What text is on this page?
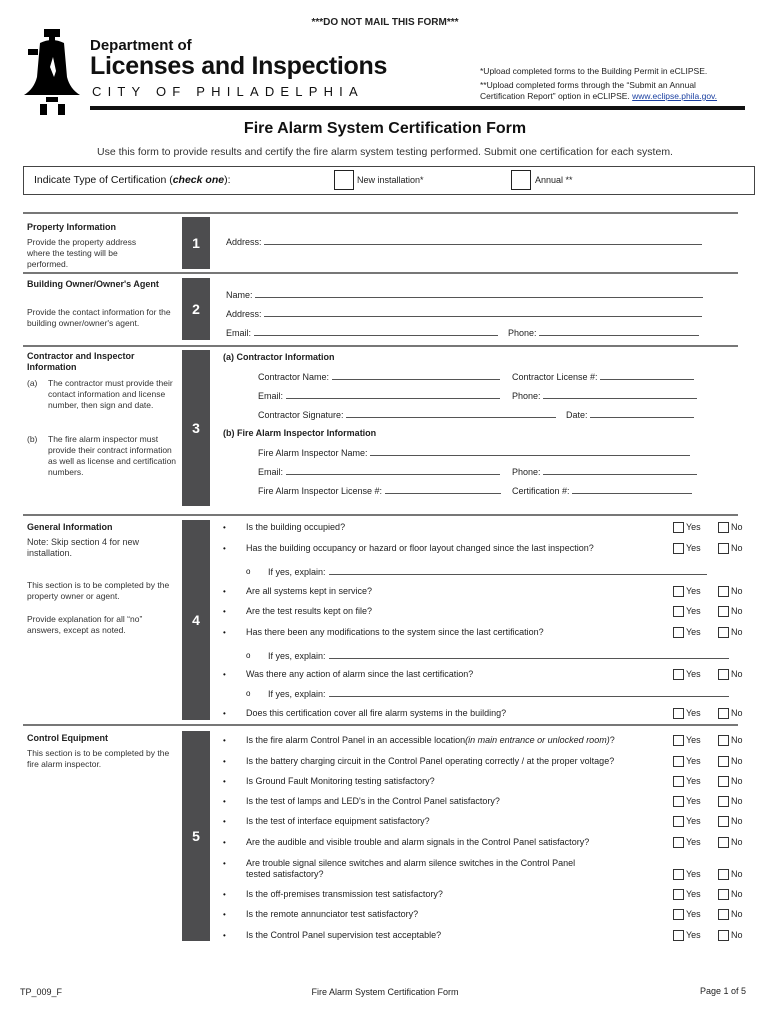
***DO NOT MAIL THIS FORM***
Department of
Licenses and Inspections
CITY OF PHILADELPHIA
*Upload completed forms to the Building Permit in eCLIPSE.
**Upload completed forms through the “Submit an Annual
Certification Report” option in eCLIPSE. www.eclipse.phila.gov.
Fire Alarm System Certification Form
Use this form to provide results and certify the fire alarm system testing performed. Submit one certification for each system.
Indicate Type of Certification (check one):	New installation*	Annual **
Property Information
Provide the property address where the testing will be performed.
1	Address:
Building Owner/Owner's Agent
Provide the contact information for the building owner/owner's agent.
2
Name:
Address:
Email:	Phone:
Contractor and Inspector Information
(a) The contractor must provide their contact information and license number, then sign and date.
(b) The fire alarm inspector must provide their contract information as well as license and certification numbers.
3
(a) Contractor Information
Contractor Name:	Contractor License #:
Email:	Phone:
Contractor Signature:	Date:
(b) Fire Alarm Inspector Information
Fire Alarm Inspector Name:
Email:	Phone:
Fire Alarm Inspector License #:	Certification #:
General Information
Note: Skip section 4 for new installation.
This section is to be completed by the property owner or agent.
Provide explanation for all “no” answers, except as noted.
4
• Is the building occupied?	Yes	No
• Has the building occupancy or hazard or floor layout changed since the last inspection?	Yes	No
o If yes, explain:
• Are all systems kept in service?	Yes	No
• Are the test results kept on file?	Yes	No
• Has there been any modifications to the system since the last certification?	Yes	No
o If yes, explain:
• Was there any action of alarm since the last certification?	Yes	No
o If yes, explain:
• Does this certification cover all fire alarm systems in the building?	Yes	No
Control Equipment
This section is to be completed by the fire alarm inspector.
5
• Is the fire alarm Control Panel in an accessible location(in main entrance or unlocked room)?	Yes	No
• Is the battery charging circuit in the Control Panel operating correctly / at the proper voltage?	Yes	No
• Is Ground Fault Monitoring testing satisfactory?	Yes	No
• Is the test of lamps and LED's in the Control Panel satisfactory?	Yes	No
• Is the test of interface equipment satisfactory?	Yes	No
• Are the audible and visible trouble and alarm signals in the Control Panel satisfactory?	Yes	No
• Are trouble signal silence switches and alarm silence switches in the Control Panel
tested satisfactory?	Yes	No
• Is the off-premises transmission test satisfactory?	Yes	No
• Is the remote annunciator test satisfactory?	Yes	No
• Is the Control Panel supervision test acceptable?	Yes	No
TP_009_F	Fire Alarm System Certification Form	Page 1 of 5
